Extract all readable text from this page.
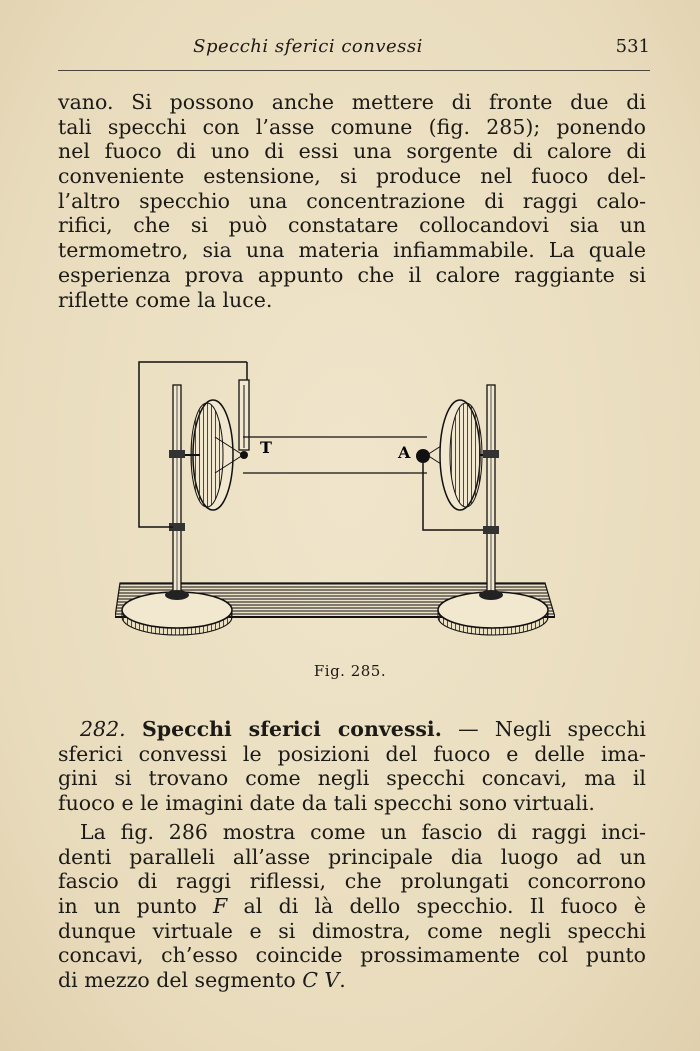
Specchi sferici convessi	531
vano. Si possono anche mettere di fronte due di
tali specchi con l’asse comune (fig. 285); ponendo
nel fuoco di uno di essi una sorgente di calore di
conveniente estensione, si produce nel fuoco del-
l’altro specchio una concentrazione di raggi calo-
rifici, che si può constatare collocandovi sia un
termometro, sia una materia infiammabile. La quale
esperienza prova appunto che il calore raggiante si
riflette come la luce.
T	A
Fig. 285.
282. Specchi sferici convessi. — Negli specchi
sferici convessi le posizioni del fuoco e delle ima-
gini si trovano come negli specchi concavi, ma il
fuoco e le imagini date da tali specchi sono virtuali.
La fig. 286 mostra come un fascio di raggi inci-
denti paralleli all’asse principale dia luogo ad un
fascio di raggi riflessi, che prolungati concorrono
in un punto F al di là dello specchio. Il fuoco è
dunque virtuale e si dimostra, come negli specchi
concavi, ch’esso coincide prossimamente col punto
di mezzo del segmento C V.
